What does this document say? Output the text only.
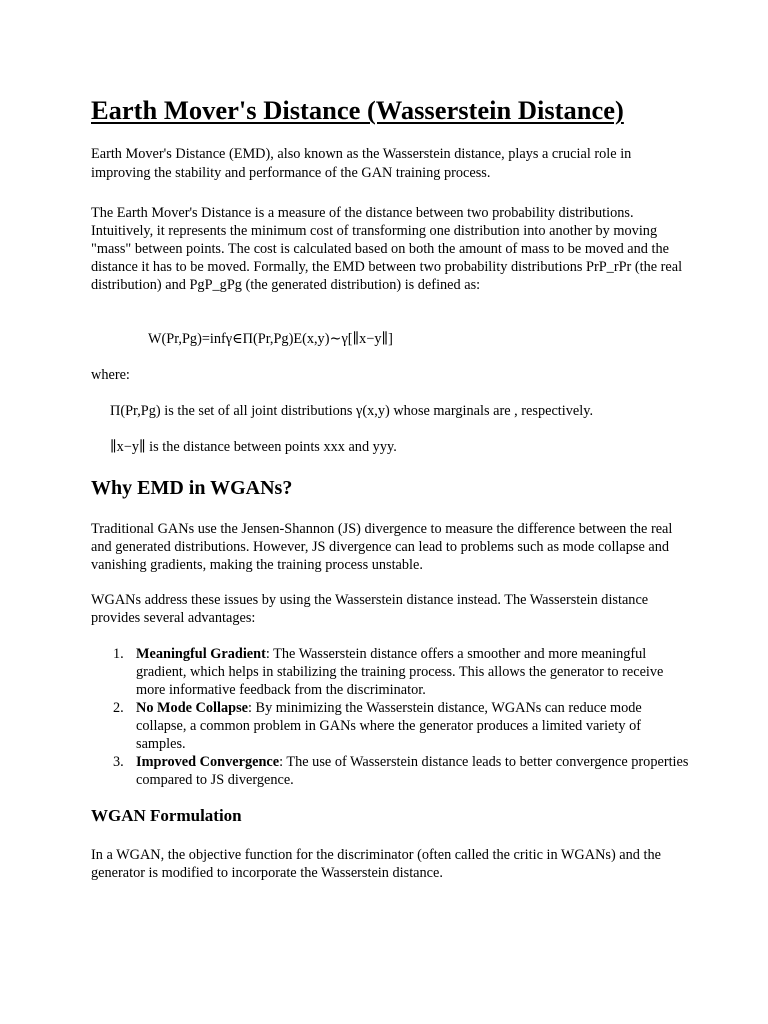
Earth Mover's Distance (Wasserstein Distance)

Earth Mover's Distance (EMD), also known as the Wasserstein distance, plays a crucial role in improving the stability and performance of the GAN training process.

The Earth Mover's Distance is a measure of the distance between two probability distributions. Intuitively, it represents the minimum cost of transforming one distribution into another by moving "mass" between points. The cost is calculated based on both the amount of mass to be moved and the distance it has to be moved. Formally, the EMD between two probability distributions PrP_rPr (the real distribution) and PgP_gPg (the generated distribution) is defined as:

W(Pr,Pg)=infγ∈Π(Pr,Pg)E(x,y)∼γ[∥x−y∥]

where:

Π(Pr,Pg) is the set of all joint distributions γ(x,y) whose marginals are , respectively.
∥x−y∥ is the distance between points xxx and yyy.
Why EMD in WGANs?

Traditional GANs use the Jensen-Shannon (JS) divergence to measure the difference between the real and generated distributions. However, JS divergence can lead to problems such as mode collapse and vanishing gradients, making the training process unstable.

WGANs address these issues by using the Wasserstein distance instead. The Wasserstein distance provides several advantages:

1. Meaningful Gradient: The Wasserstein distance offers a smoother and more meaningful gradient, which helps in stabilizing the training process. This allows the generator to receive more informative feedback from the discriminator.
2. No Mode Collapse: By minimizing the Wasserstein distance, WGANs can reduce mode collapse, a common problem in GANs where the generator produces a limited variety of samples.
3. Improved Convergence: The use of Wasserstein distance leads to better convergence properties compared to JS divergence.
WGAN Formulation

In a WGAN, the objective function for the discriminator (often called the critic in WGANs) and the generator is modified to incorporate the Wasserstein distance.
